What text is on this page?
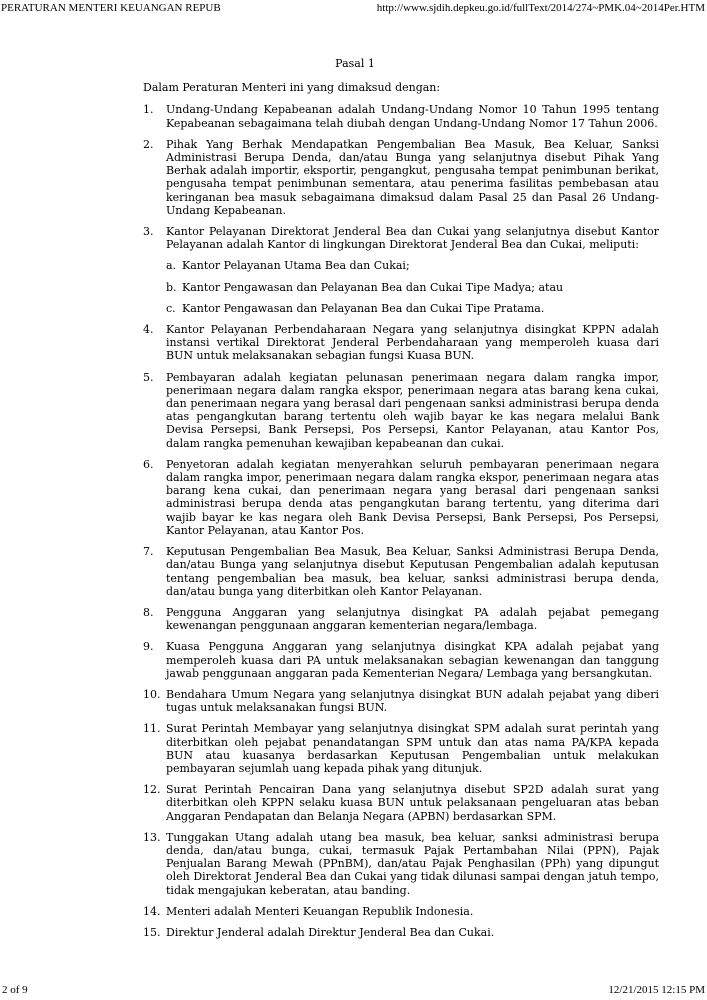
PERATURAN MENTERI KEUANGAN REPUB	http://www.sjdih.depkeu.go.id/fullText/2014/274~PMK.04~2014Per.HTM
Pasal 1
Dalam Peraturan Menteri ini yang dimaksud dengan:
1. Undang-Undang Kepabeanan adalah Undang-Undang Nomor 10 Tahun 1995 tentang Kepabeanan sebagaimana telah diubah dengan Undang-Undang Nomor 17 Tahun 2006.
2. Pihak Yang Berhak Mendapatkan Pengembalian Bea Masuk, Bea Keluar, Sanksi Administrasi Berupa Denda, dan/atau Bunga yang selanjutnya disebut Pihak Yang Berhak adalah importir, eksportir, pengangkut, pengusaha tempat penimbunan berikat, pengusaha tempat penimbunan sementara, atau penerima fasilitas pembebasan atau keringanan bea masuk sebagaimana dimaksud dalam Pasal 25 dan Pasal 26 Undang-Undang Kepabeanan.
3. Kantor Pelayanan Direktorat Jenderal Bea dan Cukai yang selanjutnya disebut Kantor Pelayanan adalah Kantor di lingkungan Direktorat Jenderal Bea dan Cukai, meliputi:
a. Kantor Pelayanan Utama Bea dan Cukai;
b. Kantor Pengawasan dan Pelayanan Bea dan Cukai Tipe Madya; atau
c. Kantor Pengawasan dan Pelayanan Bea dan Cukai Tipe Pratama.
4. Kantor Pelayanan Perbendaharaan Negara yang selanjutnya disingkat KPPN adalah instansi vertikal Direktorat Jenderal Perbendaharaan yang memperoleh kuasa dari BUN untuk melaksanakan sebagian fungsi Kuasa BUN.
5. Pembayaran adalah kegiatan pelunasan penerimaan negara dalam rangka impor, penerimaan negara dalam rangka ekspor, penerimaan negara atas barang kena cukai, dan penerimaan negara yang berasal dari pengenaan sanksi administrasi berupa denda atas pengangkutan barang tertentu oleh wajib bayar ke kas negara melalui Bank Devisa Persepsi, Bank Persepsi, Pos Persepsi, Kantor Pelayanan, atau Kantor Pos, dalam rangka pemenuhan kewajiban kepabeanan dan cukai.
6. Penyetoran adalah kegiatan menyerahkan seluruh pembayaran penerimaan negara dalam rangka impor, penerimaan negara dalam rangka ekspor, penerimaan negara atas barang kena cukai, dan penerimaan negara yang berasal dari pengenaan sanksi administrasi berupa denda atas pengangkutan barang tertentu, yang diterima dari wajib bayar ke kas negara oleh Bank Devisa Persepsi, Bank Persepsi, Pos Persepsi, Kantor Pelayanan, atau Kantor Pos.
7. Keputusan Pengembalian Bea Masuk, Bea Keluar, Sanksi Administrasi Berupa Denda, dan/atau Bunga yang selanjutnya disebut Keputusan Pengembalian adalah keputusan tentang pengembalian bea masuk, bea keluar, sanksi administrasi berupa denda, dan/atau bunga yang diterbitkan oleh Kantor Pelayanan.
8. Pengguna Anggaran yang selanjutnya disingkat PA adalah pejabat pemegang kewenangan penggunaan anggaran kementerian negara/lembaga.
9. Kuasa Pengguna Anggaran yang selanjutnya disingkat KPA adalah pejabat yang memperoleh kuasa dari PA untuk melaksanakan sebagian kewenangan dan tanggung jawab penggunaan anggaran pada Kementerian Negara/ Lembaga yang bersangkutan.
10. Bendahara Umum Negara yang selanjutnya disingkat BUN adalah pejabat yang diberi tugas untuk melaksanakan fungsi BUN.
11. Surat Perintah Membayar yang selanjutnya disingkat SPM adalah surat perintah yang diterbitkan oleh pejabat penandatangan SPM untuk dan atas nama PA/KPA kepada BUN atau kuasanya berdasarkan Keputusan Pengembalian untuk melakukan pembayaran sejumlah uang kepada pihak yang ditunjuk.
12. Surat Perintah Pencairan Dana yang selanjutnya disebut SP2D adalah surat yang diterbitkan oleh KPPN selaku kuasa BUN untuk pelaksanaan pengeluaran atas beban Anggaran Pendapatan dan Belanja Negara (APBN) berdasarkan SPM.
13. Tunggakan Utang adalah utang bea masuk, bea keluar, sanksi administrasi berupa denda, dan/atau bunga, cukai, termasuk Pajak Pertambahan Nilai (PPN), Pajak Penjualan Barang Mewah (PPnBM), dan/atau Pajak Penghasilan (PPh) yang dipungut oleh Direktorat Jenderal Bea dan Cukai yang tidak dilunasi sampai dengan jatuh tempo, tidak mengajukan keberatan, atau banding.
14. Menteri adalah Menteri Keuangan Republik Indonesia.
15. Direktur Jenderal adalah Direktur Jenderal Bea dan Cukai.
2 of 9	12/21/2015 12:15 PM
